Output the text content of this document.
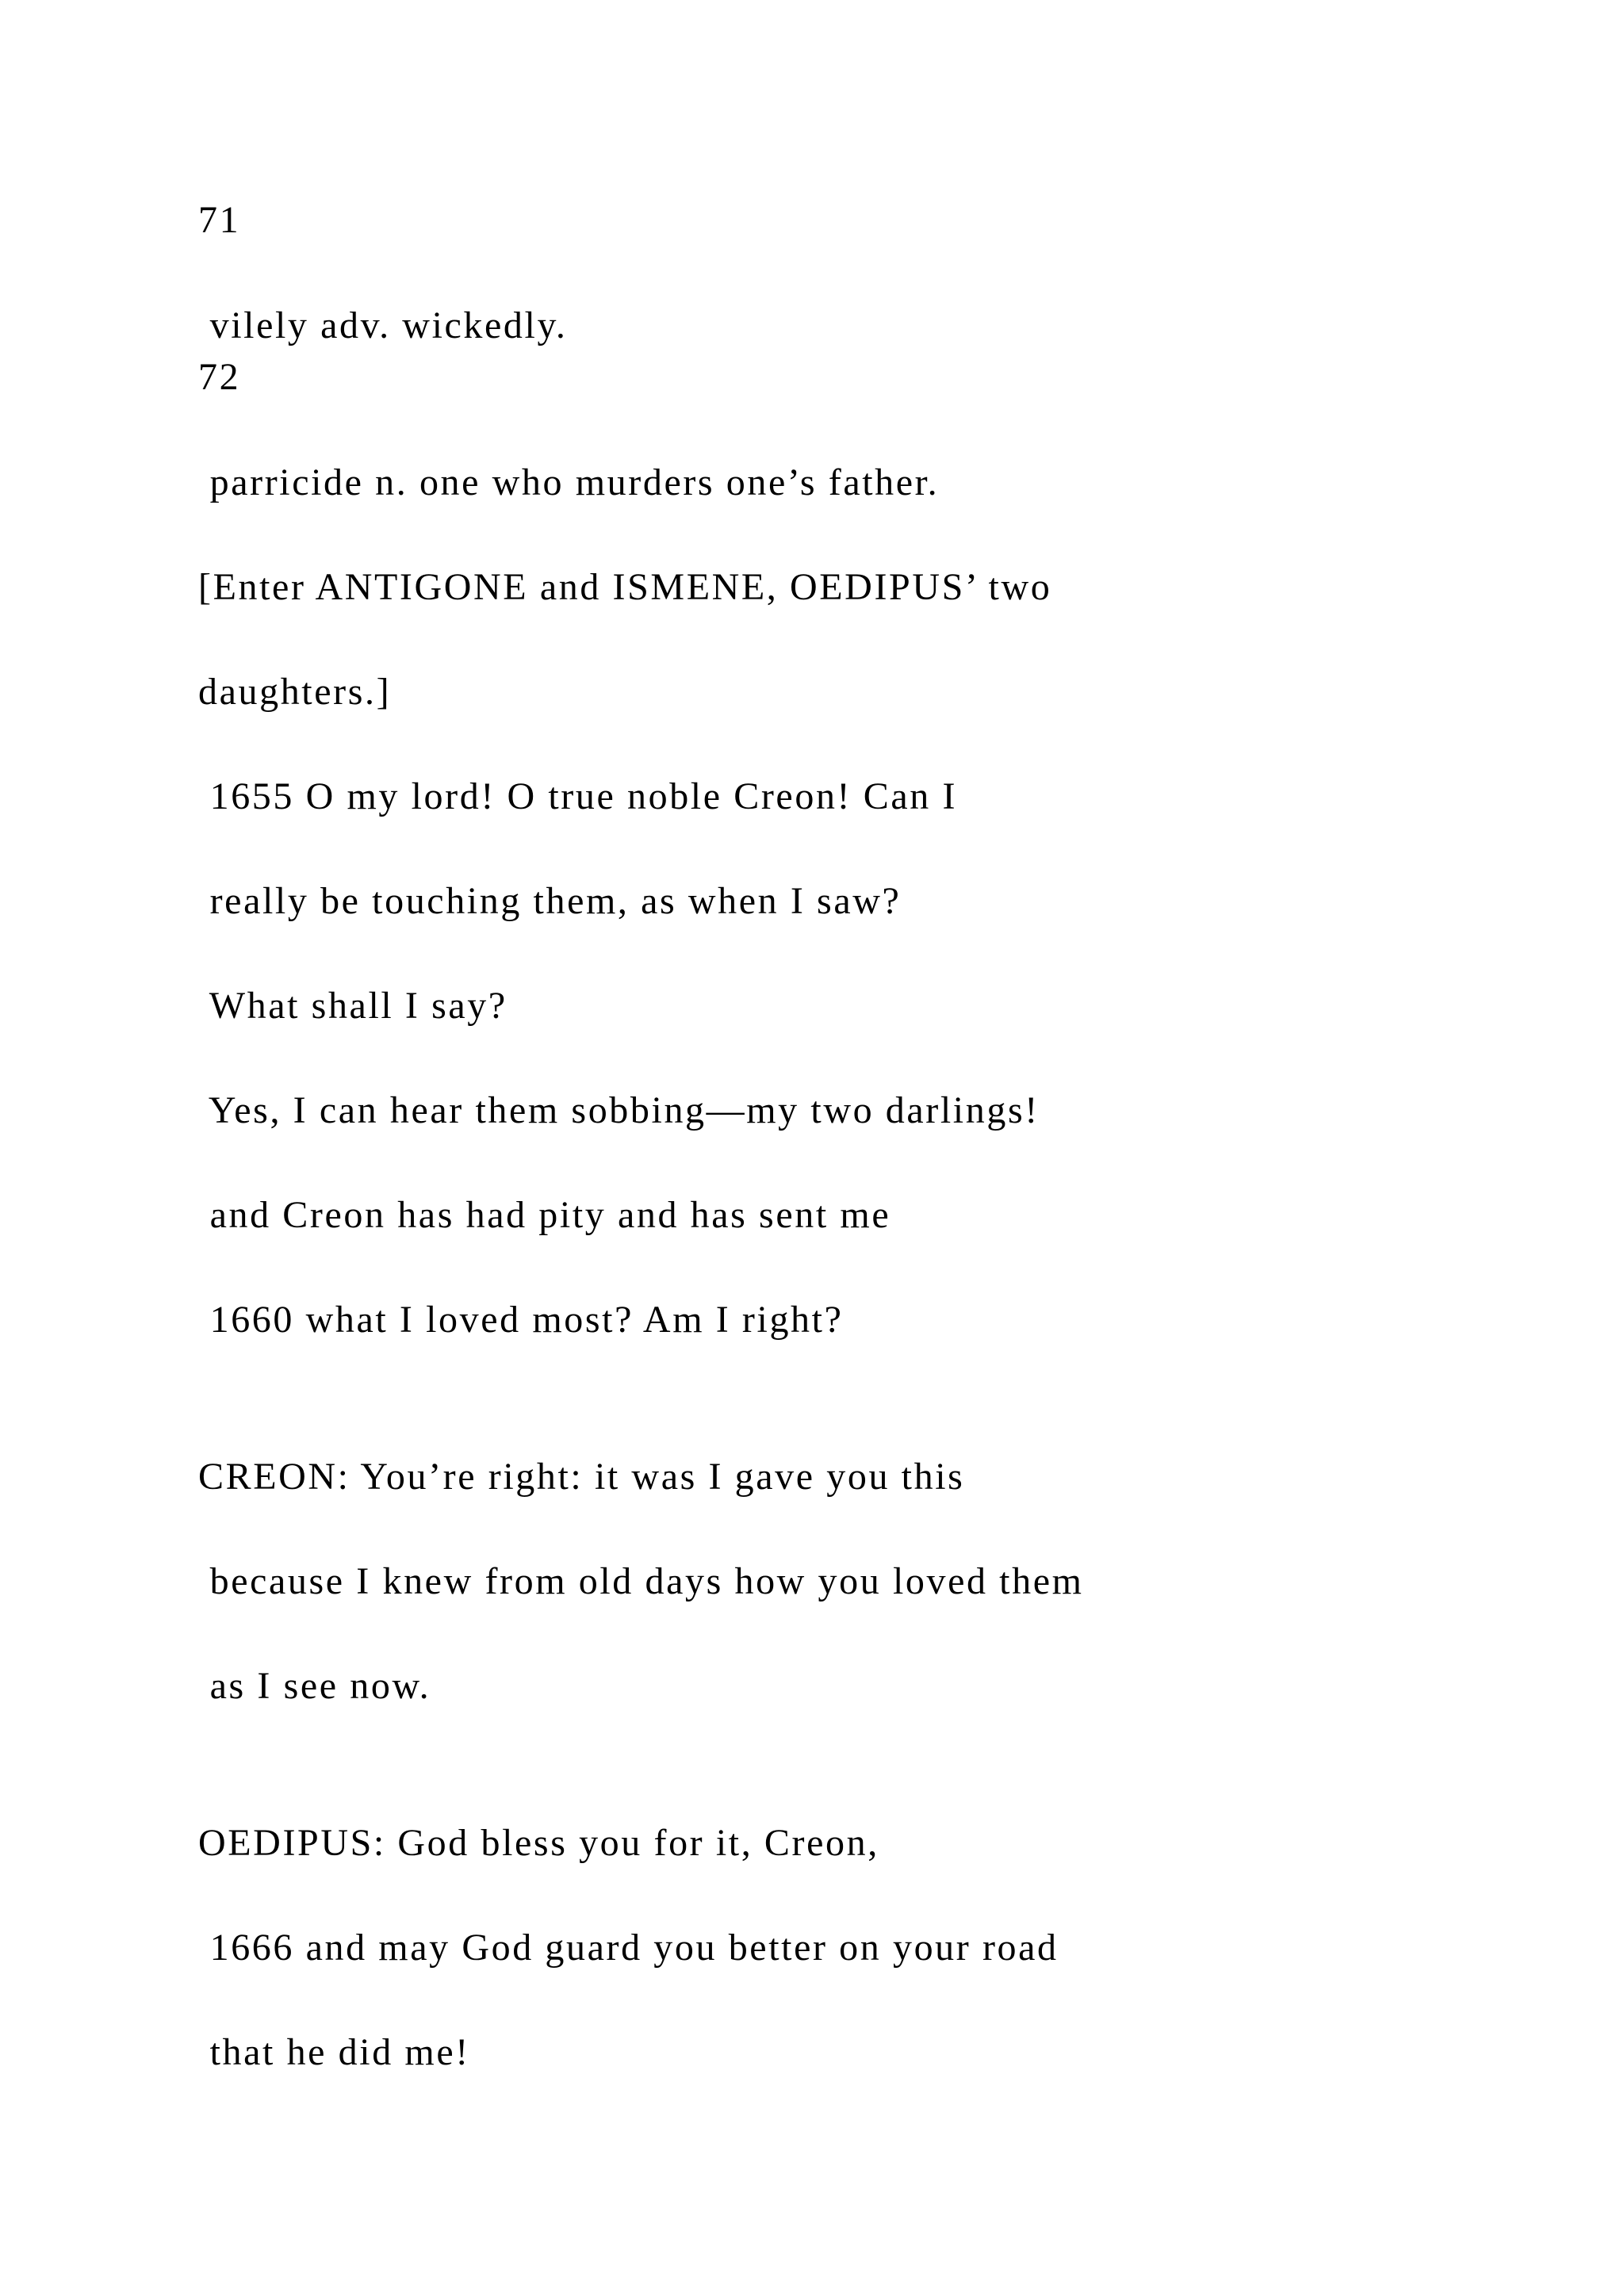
71

vilely adv. wickedly.

72

parricide n. one who murders one’s father.

[Enter ANTIGONE and ISMENE, OEDIPUS’ two

daughters.]

1655 O my lord! O true noble Creon! Can I

really be touching them, as when I saw?

What shall I say?

Yes, I can hear them sobbing—my two darlings!

and Creon has had pity and has sent me

1660 what I loved most? Am I right?

CREON: You’re right: it was I gave you this

because I knew from old days how you loved them

as I see now.

OEDIPUS: God bless you for it, Creon,

1666 and may God guard you better on your road

that he did me!
